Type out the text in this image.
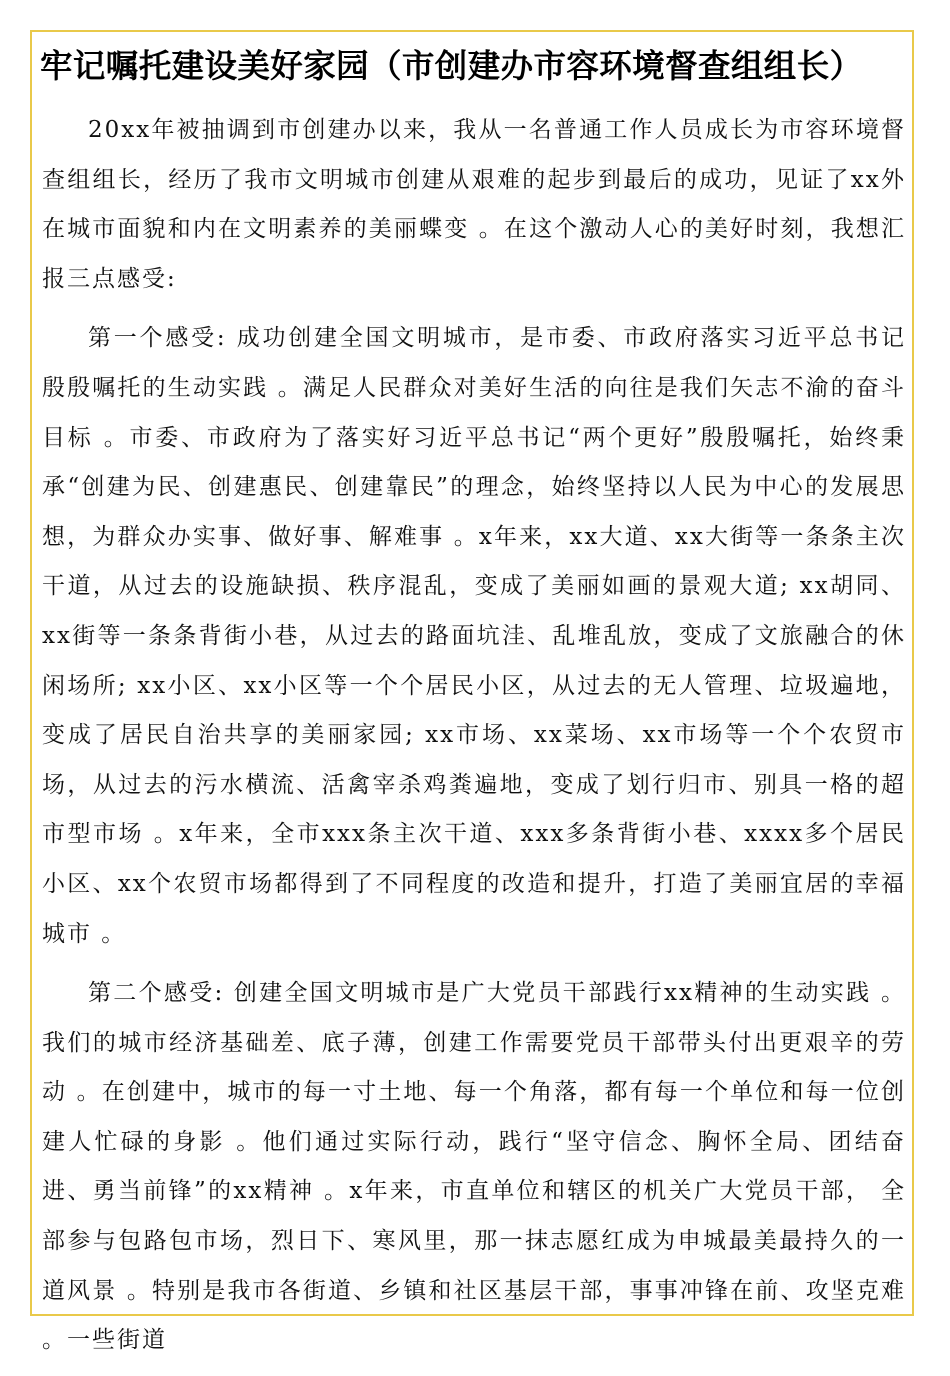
牢记嘱托建设美好家园（市创建办市容环境督查组组长）

20xx年被抽调到市创建办以来，我从一名普通工作人员成长为市容环境督查组组长，经历了我市文明城市创建从艰难的起步到最后的成功，见证了xx外在城市面貌和内在文明素养的美丽蝶变 。在这个激动人心的美好时刻，我想汇报三点感受:

第一个感受: 成功创建全国文明城市，是市委、市政府落实习近平总书记殷殷嘱托的生动实践 。满足人民群众对美好生活的向往是我们矢志不渝的奋斗　目标 。市委、市政府为了落实好习近平总书记“两个更好”殷殷嘱托，始终秉承“创建为民、创建惠民、创建靠民”的理念，始终坚持以人民为中心的发展思想，为群众办实事、做好事、解难事 。x年来，xx大道、xx大街等一条条主次干道，从过去的设施缺损、秩序混乱，变成了美丽如画的景观大道; xx胡同、xx街等一条条背街小巷，从过去的路面坑洼、乱堆乱放，变成了文旅融合的休闲场所; xx小区、xx小区等一个个居民小区，从过去的无人管理、垃圾遍地，变成了居民自治共享的美丽家园; xx市场、xx菜场、xx市场等一个个农贸市场，从过去的污水横流、活禽宰杀鸡粪遍地，变成了划行归市、别具一格的超市型市场 。x年来，全市xxx条主次干道、xxx多条背街小巷、xxxx多个居民小区、xx个农贸市场都得到了不同程度的改造和提升，打造了美丽宜居的幸福城市 。

第二个感受: 创建全国文明城市是广大党员干部践行xx精神的生动实践 。我们的城市经济基础差、底子薄，创建工作需要党员干部带头付出更艰辛的劳动 。在创建中，城市的每一寸土地、每一个角落，都有每一个单位和每一位创建人忙碌的身影 。他们通过实际行动，践行“坚守信念、胸怀全局、团结奋进、勇当前锋”的xx精神 。x年来，市直单位和辖区的机关广大党员干部， 全部参与包路包市场，烈日下、寒风里，那一抹志愿红成为申城最美最持久的一道风景 。特别是我市各街道、乡镇和社区基层干部，事事冲锋在前、攻坚克难 。一些街道
